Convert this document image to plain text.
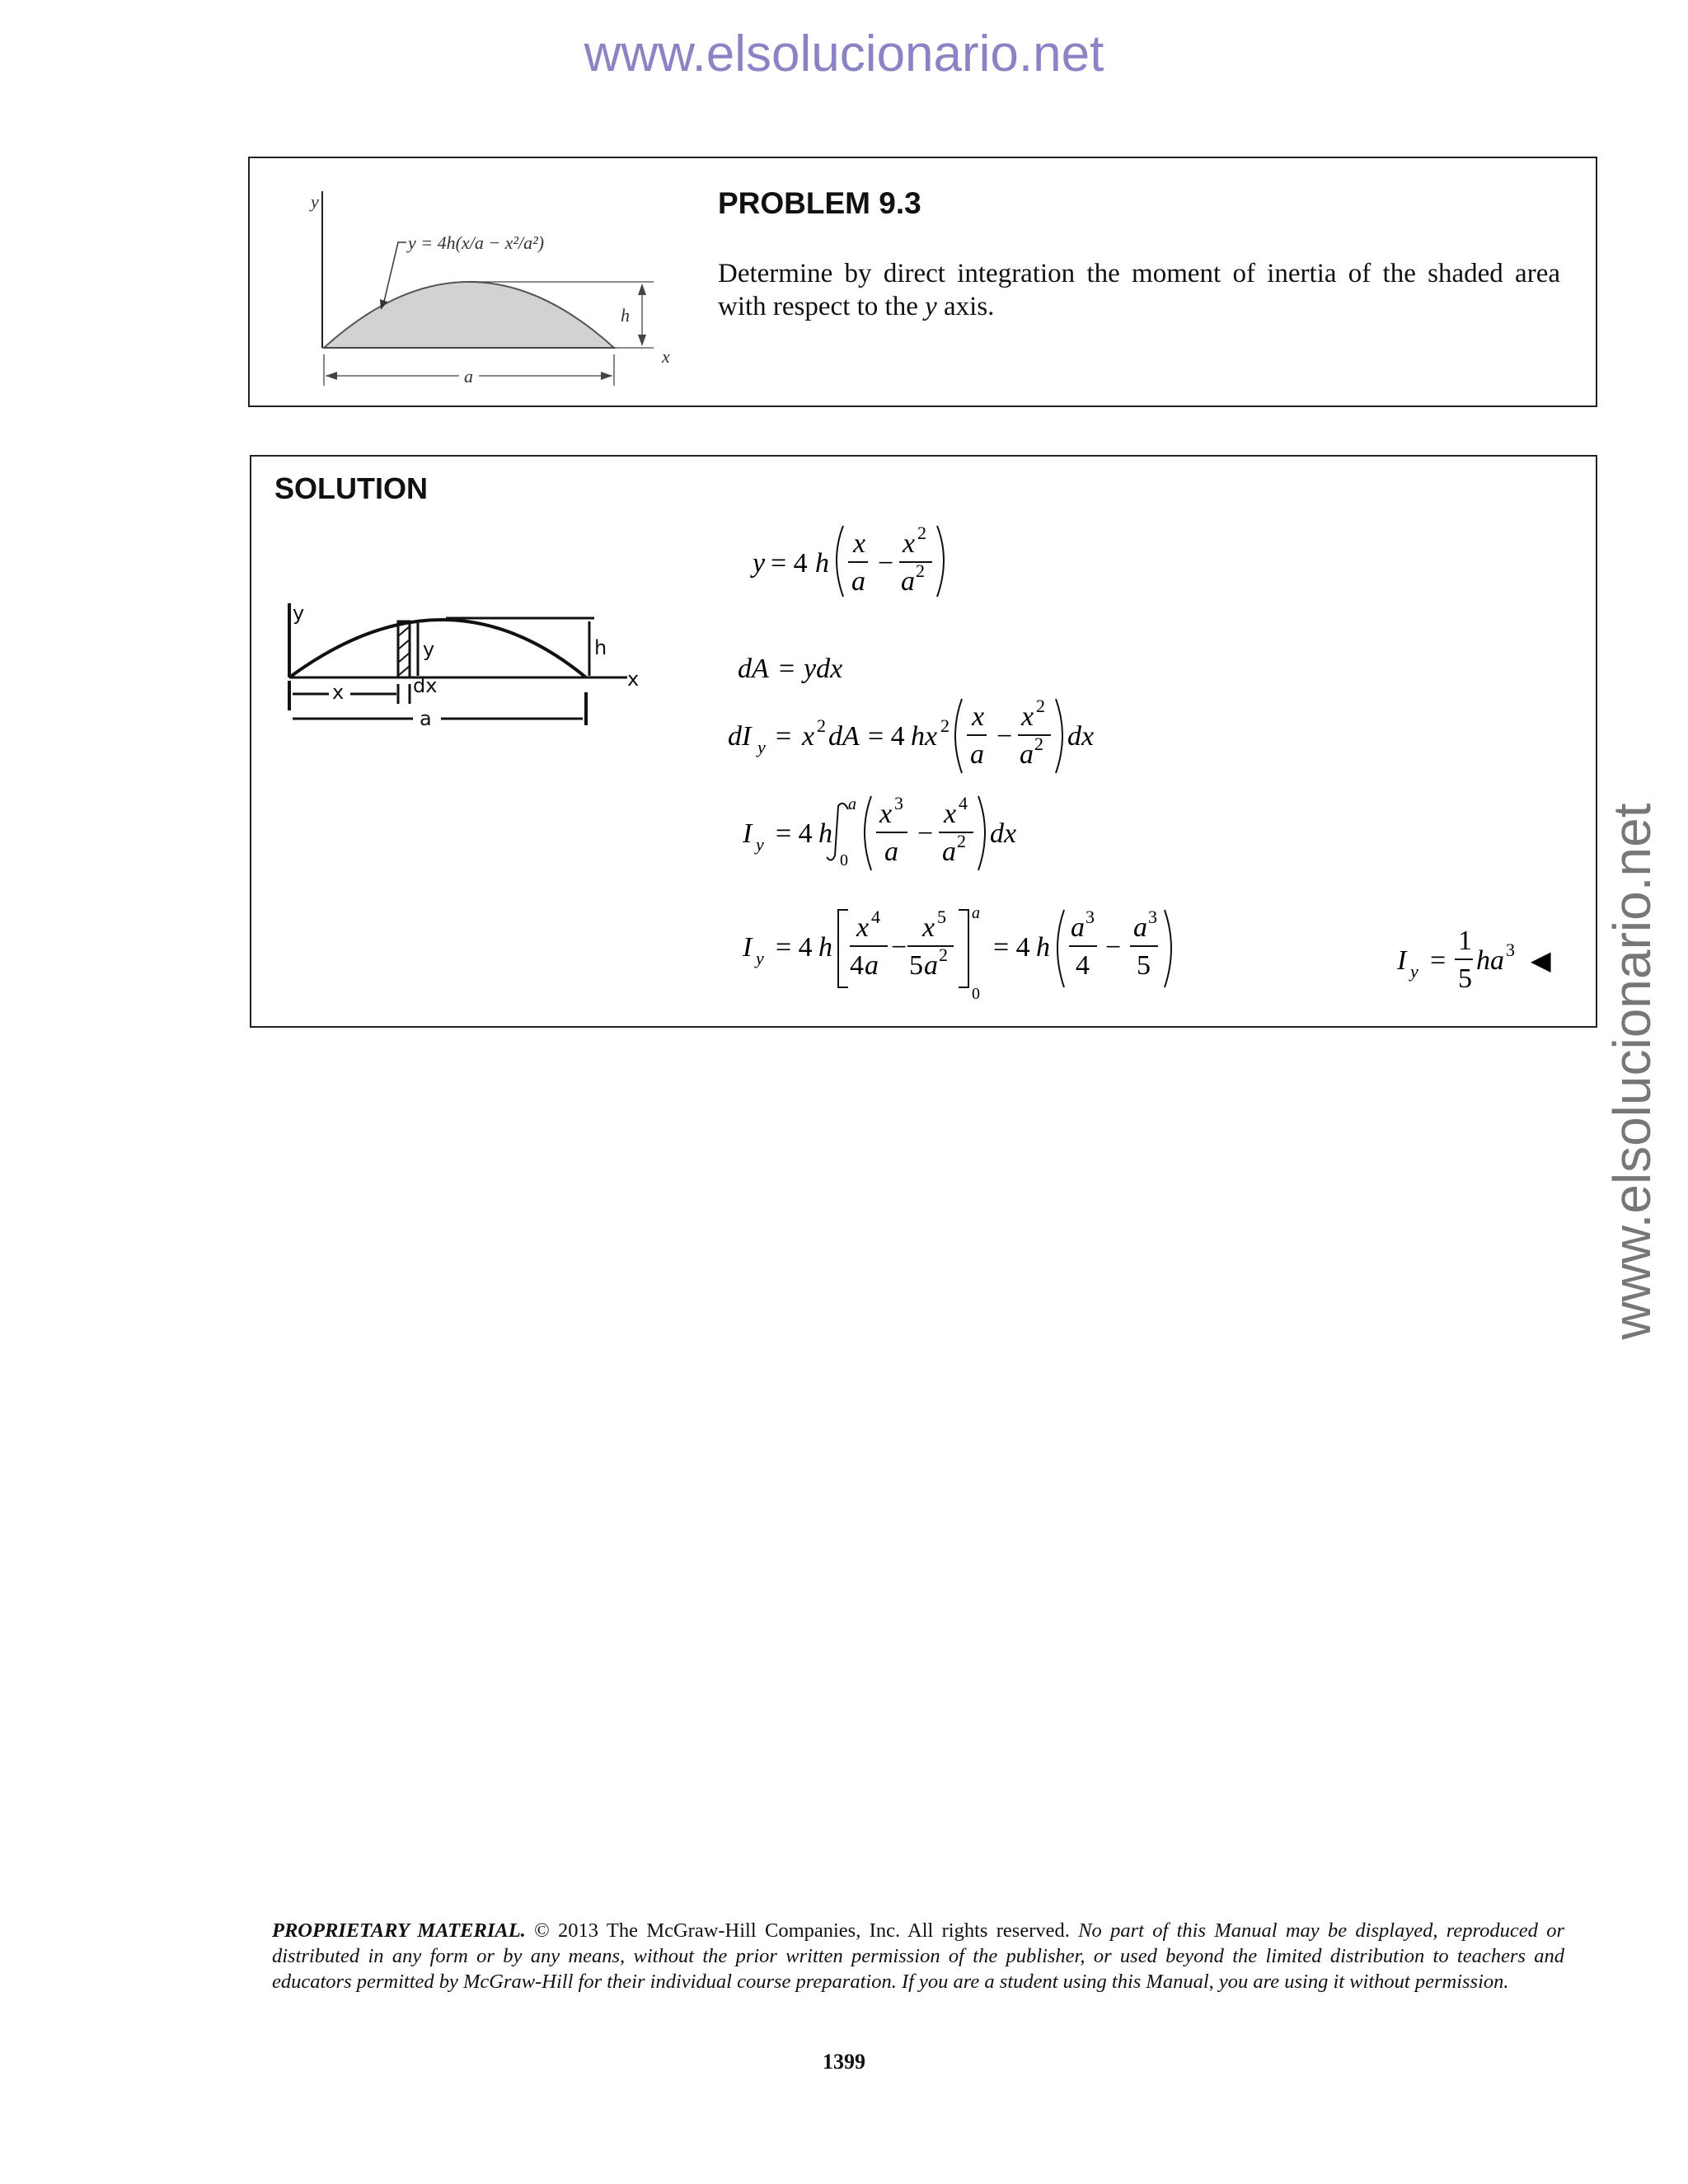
www.elsolucionario.net
www.elsolucionario.net
y
x
y = 4h(x/a − x²/a²)
h
a
PROBLEM 9.3
Determine by direct integration the moment of inertia of the shaded area with respect to the y axis.
SOLUTION
y
x
y	h
x	dx
a
y = 4 h
x
a
−
x 2
a 2
dA = ydx
dI y = x 2 dA = 4 hx 2 x
a
−
x 2
a 2 dx
I y = 4 h
a
0
x 3
a
−
x 4
a 2 dx
I y = 4 h
x 4
4 a
−
x 5
5 a 2
a
0
= 4 h
a 3
4
−
a 3
5	I y =
1
5
ha 3 ◀
PROPRIETARY MATERIAL. © 2013 The McGraw-Hill Companies, Inc. All rights reserved. No part of this Manual may be displayed, reproduced or distributed in any form or by any means, without the prior written permission of the publisher, or used beyond the limited distribution to teachers and educators permitted by McGraw-Hill for their individual course preparation. If you are a student using this Manual, you are using it without permission.
1399
